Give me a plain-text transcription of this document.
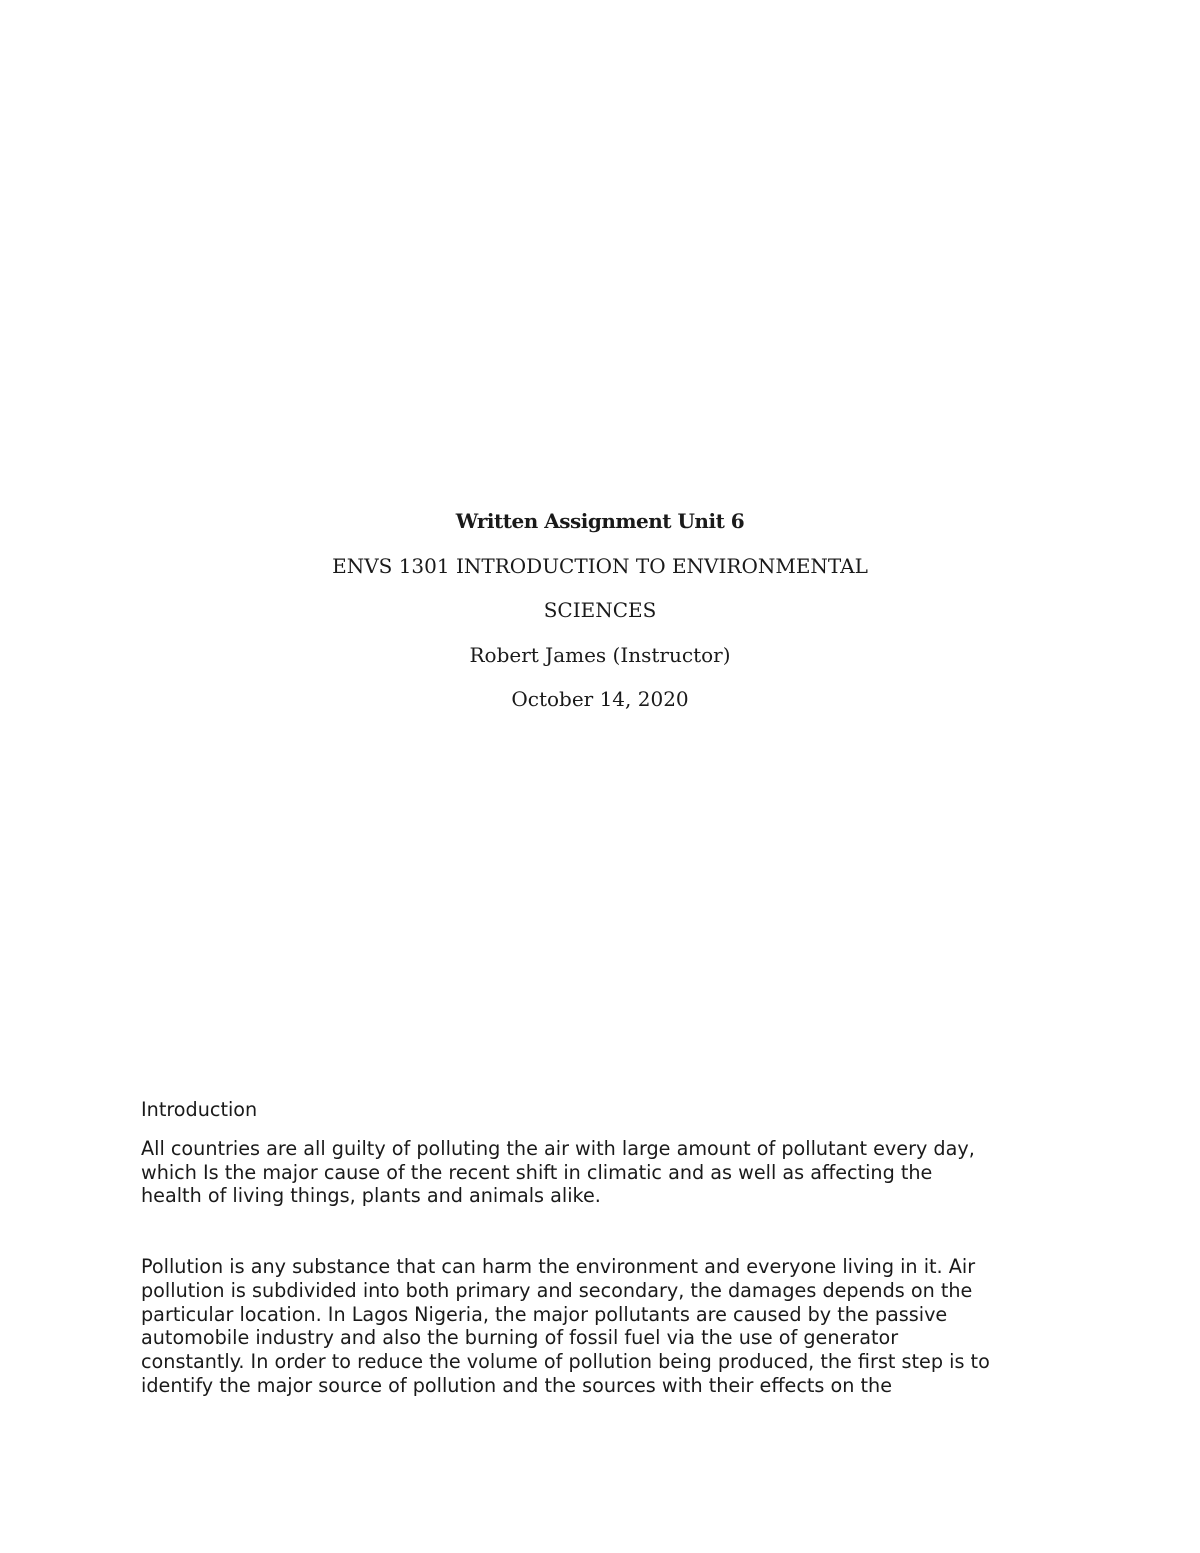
Written Assignment Unit 6
ENVS 1301 INTRODUCTION TO ENVIRONMENTAL
SCIENCES
Robert James (Instructor)
October 14, 2020
Introduction

All countries are all guilty of polluting the air with large amount of pollutant every day,
which Is the major cause of the recent shift in climatic and as well as affecting the
health of living things, plants and animals alike.

Pollution is any substance that can harm the environment and everyone living in it. Air
pollution is subdivided into both primary and secondary, the damages depends on the
particular location. In Lagos Nigeria, the major pollutants are caused by the passive
automobile industry and also the burning of fossil fuel via the use of generator
constantly. In order to reduce the volume of pollution being produced, the first step is to
identify the major source of pollution and the sources with their effects on the
